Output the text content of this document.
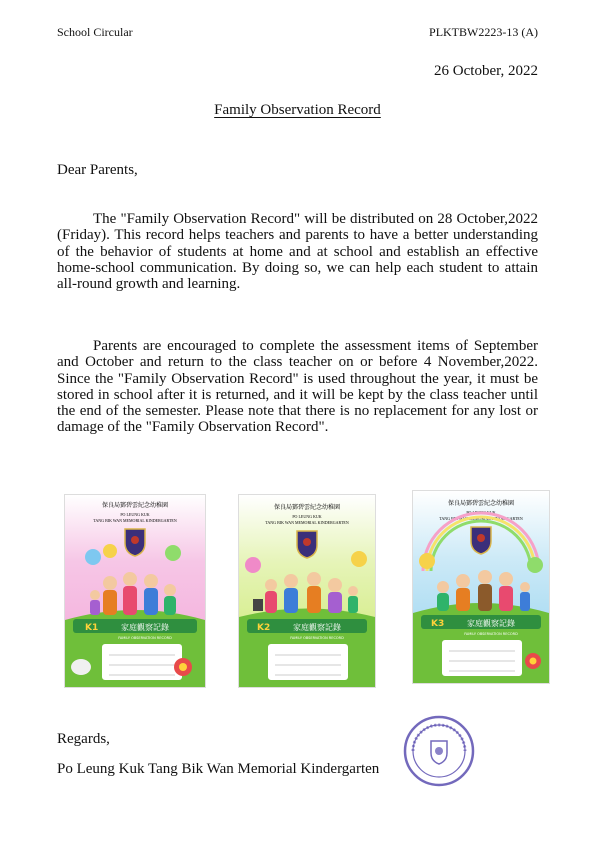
School Circular	PLKTBW2223-13 (A)
26 October, 2022
Family Observation Record
Dear Parents,

The "Family Observation Record" will be distributed on 28 October,2022 (Friday). This record helps teachers and parents to have a better understanding of the behavior of students at home and at school and establish an effective home-school communication. By doing so, we can help each student to attain all-round growth and learning.

Parents are encouraged to complete the assessment items of September and October and return to the class teacher on or before 4 November,2022. Since the "Family Observation Record" is used throughout the year, it must be stored in school after it is returned, and it will be kept by the class teacher until the end of the semester. Please note that there is no replacement for any lost or damage of the "Family Observation Record".

保良局鄧碧雲紀念幼稚園
PO LEUNG KUK
TANG BIK WAN MEMORIAL KINDERGARTEN
K1	家庭觀察記錄
FAMILY OBSERVATION RECORD
保良局鄧碧雲紀念幼稚園
PO LEUNG KUK
TANG BIK WAN MEMORIAL KINDERGARTEN
K2	家庭觀察記錄
FAMILY OBSERVATION RECORD
保良局鄧碧雲紀念幼稚園
PO LEUNG KUK
TANG BIK WAN MEMORIAL KINDERGARTEN
K3	家庭觀察記錄
FAMILY OBSERVATION RECORD
Regards,
Po Leung Kuk Tang Bik Wan Memorial Kindergarten
